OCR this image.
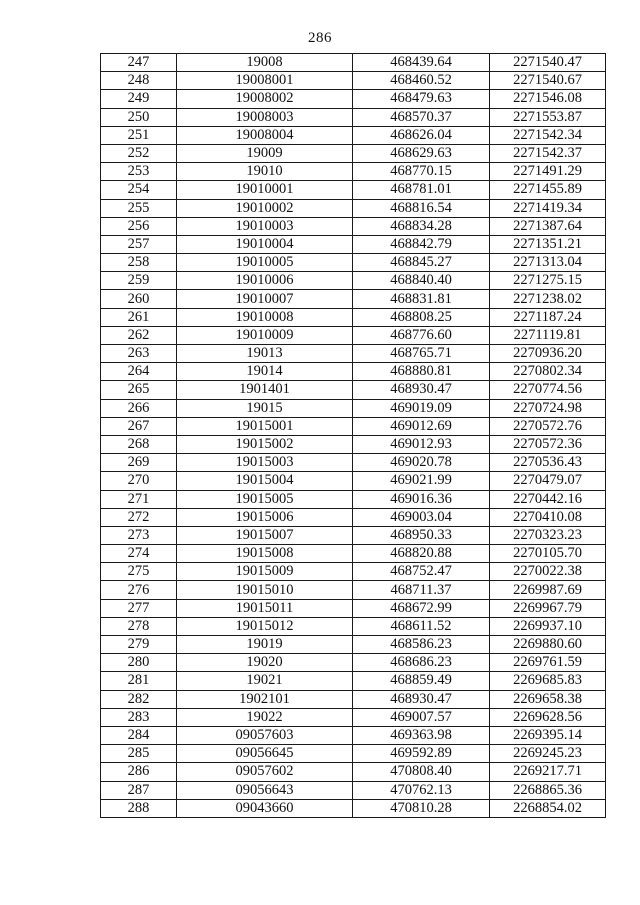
286
247	19008	468439.64	2271540.47
248	19008001	468460.52	2271540.67
249	19008002	468479.63	2271546.08
250	19008003	468570.37	2271553.87
251	19008004	468626.04	2271542.34
252	19009	468629.63	2271542.37
253	19010	468770.15	2271491.29
254	19010001	468781.01	2271455.89
255	19010002	468816.54	2271419.34
256	19010003	468834.28	2271387.64
257	19010004	468842.79	2271351.21
258	19010005	468845.27	2271313.04
259	19010006	468840.40	2271275.15
260	19010007	468831.81	2271238.02
261	19010008	468808.25	2271187.24
262	19010009	468776.60	2271119.81
263	19013	468765.71	2270936.20
264	19014	468880.81	2270802.34
265	1901401	468930.47	2270774.56
266	19015	469019.09	2270724.98
267	19015001	469012.69	2270572.76
268	19015002	469012.93	2270572.36
269	19015003	469020.78	2270536.43
270	19015004	469021.99	2270479.07
271	19015005	469016.36	2270442.16
272	19015006	469003.04	2270410.08
273	19015007	468950.33	2270323.23
274	19015008	468820.88	2270105.70
275	19015009	468752.47	2270022.38
276	19015010	468711.37	2269987.69
277	19015011	468672.99	2269967.79
278	19015012	468611.52	2269937.10
279	19019	468586.23	2269880.60
280	19020	468686.23	2269761.59
281	19021	468859.49	2269685.83
282	1902101	468930.47	2269658.38
283	19022	469007.57	2269628.56
284	09057603	469363.98	2269395.14
285	09056645	469592.89	2269245.23
286	09057602	470808.40	2269217.71
287	09056643	470762.13	2268865.36
288	09043660	470810.28	2268854.02
